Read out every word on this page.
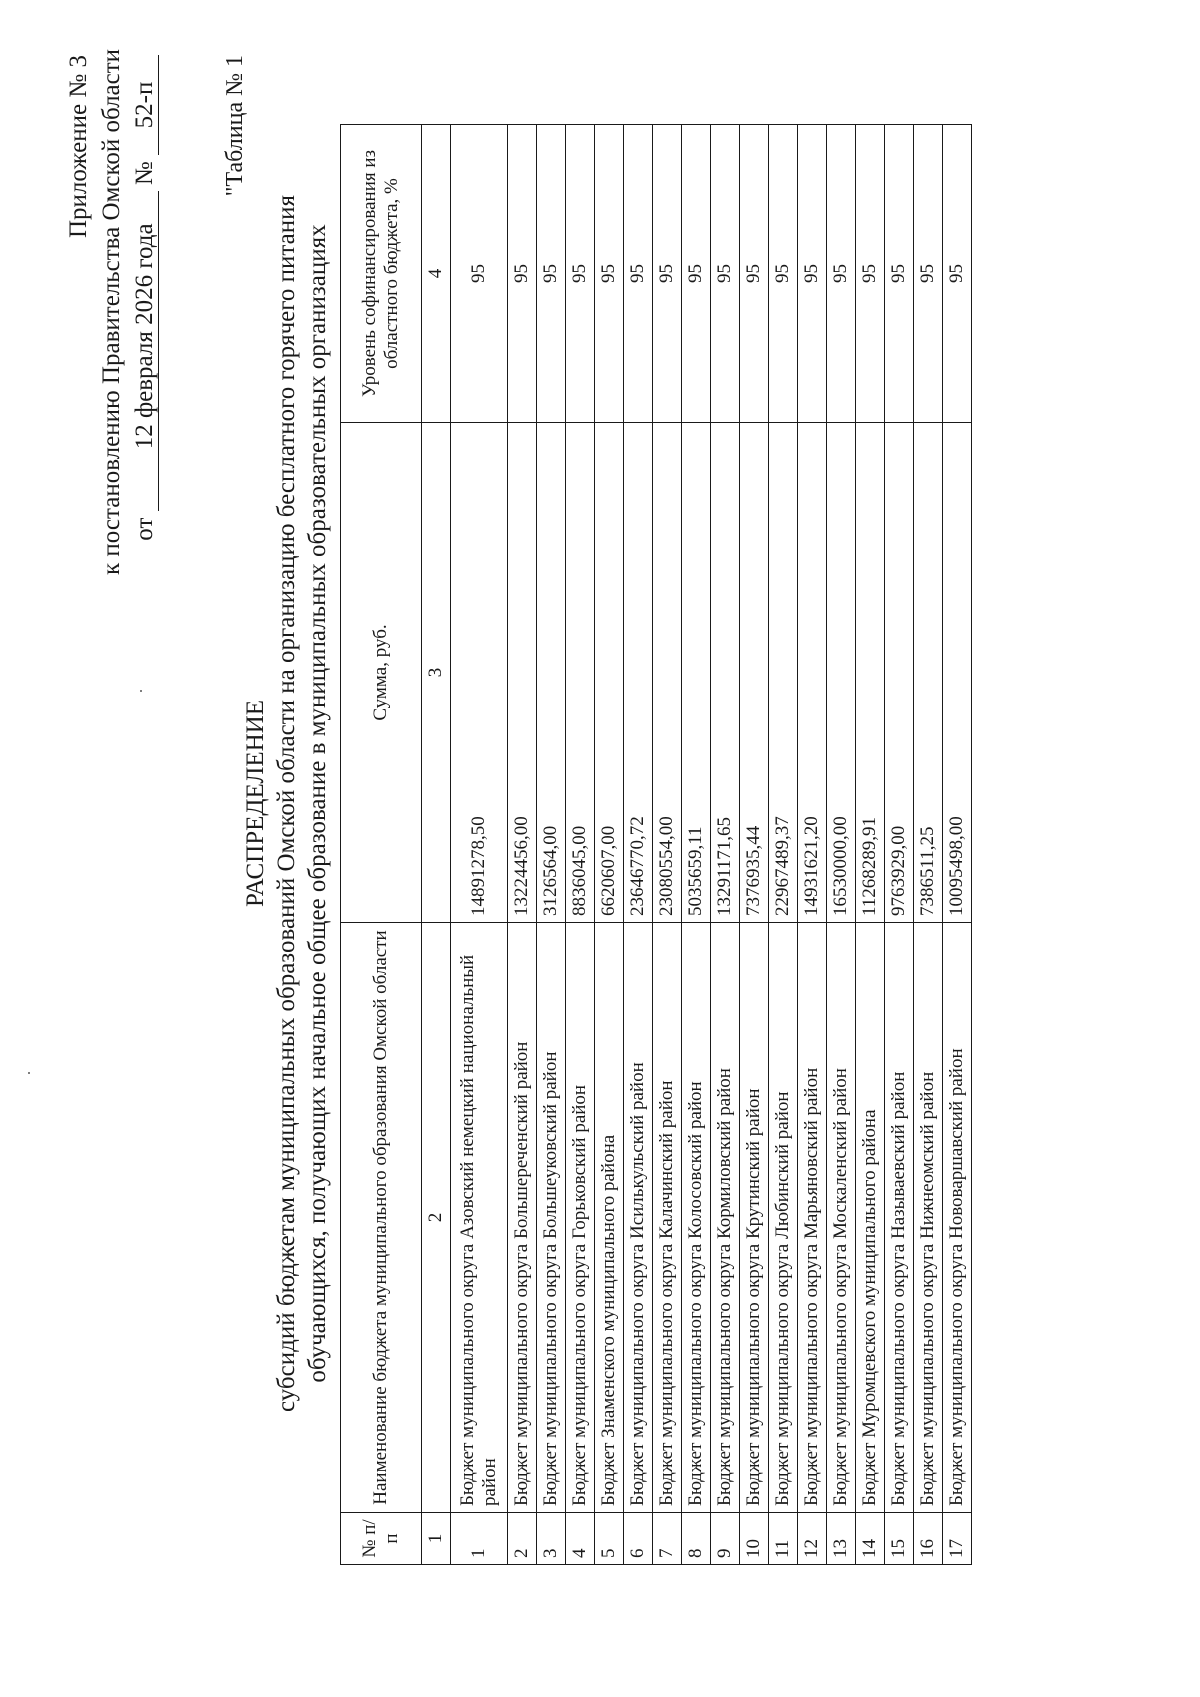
Приложение № 3 к постановлению Правительства Омской области от  12 февраля 2026 года  № 52-п	"Таблица № 1
РАСПРЕДЕЛЕНИЕ субсидий бюджетам муниципальных образований Омской области на организацию бесплатного горячего питания обучающихся, получающих начальное общее образование в муниципальных образовательных организациях
№ п/п	Наименование бюджета муниципального образования Омской области	Сумма, руб.	Уровень софинансирования из областного бюджета, %
1	2	3	4
1	Бюджет муниципального округа Азовский немецкий национальный район	14891278,50	95
2	Бюджет муниципального округа Большереченский район	13224456,00	95
3	Бюджет муниципального округа Большеуковский район	3126564,00	95
4	Бюджет муниципального округа Горьковский район	8836045,00	95
5	Бюджет Знаменского муниципального района	6620607,00	95
6	Бюджет муниципального округа Исилькульский район	23646770,72	95
7	Бюджет муниципального округа Калачинский район	23080554,00	95
8	Бюджет муниципального округа Колосовский район	5035659,11	95
9	Бюджет муниципального округа Кормиловский район	13291171,65	95
10	Бюджет муниципального округа Крутинский район	7376935,44	95
11	Бюджет муниципального округа Любинский район	22967489,37	95
12	Бюджет муниципального округа Марьяновский район	14931621,20	95
13	Бюджет муниципального округа Москаленский район	16530000,00	95
14	Бюджет Муромцевского муниципального района	11268289,91	95
15	Бюджет муниципального округа Называевский район	9763929,00	95
16	Бюджет муниципального округа Нижнеомский район	7386511,25	95
17	Бюджет муниципального округа Нововаршавский район	10095498,00	95
